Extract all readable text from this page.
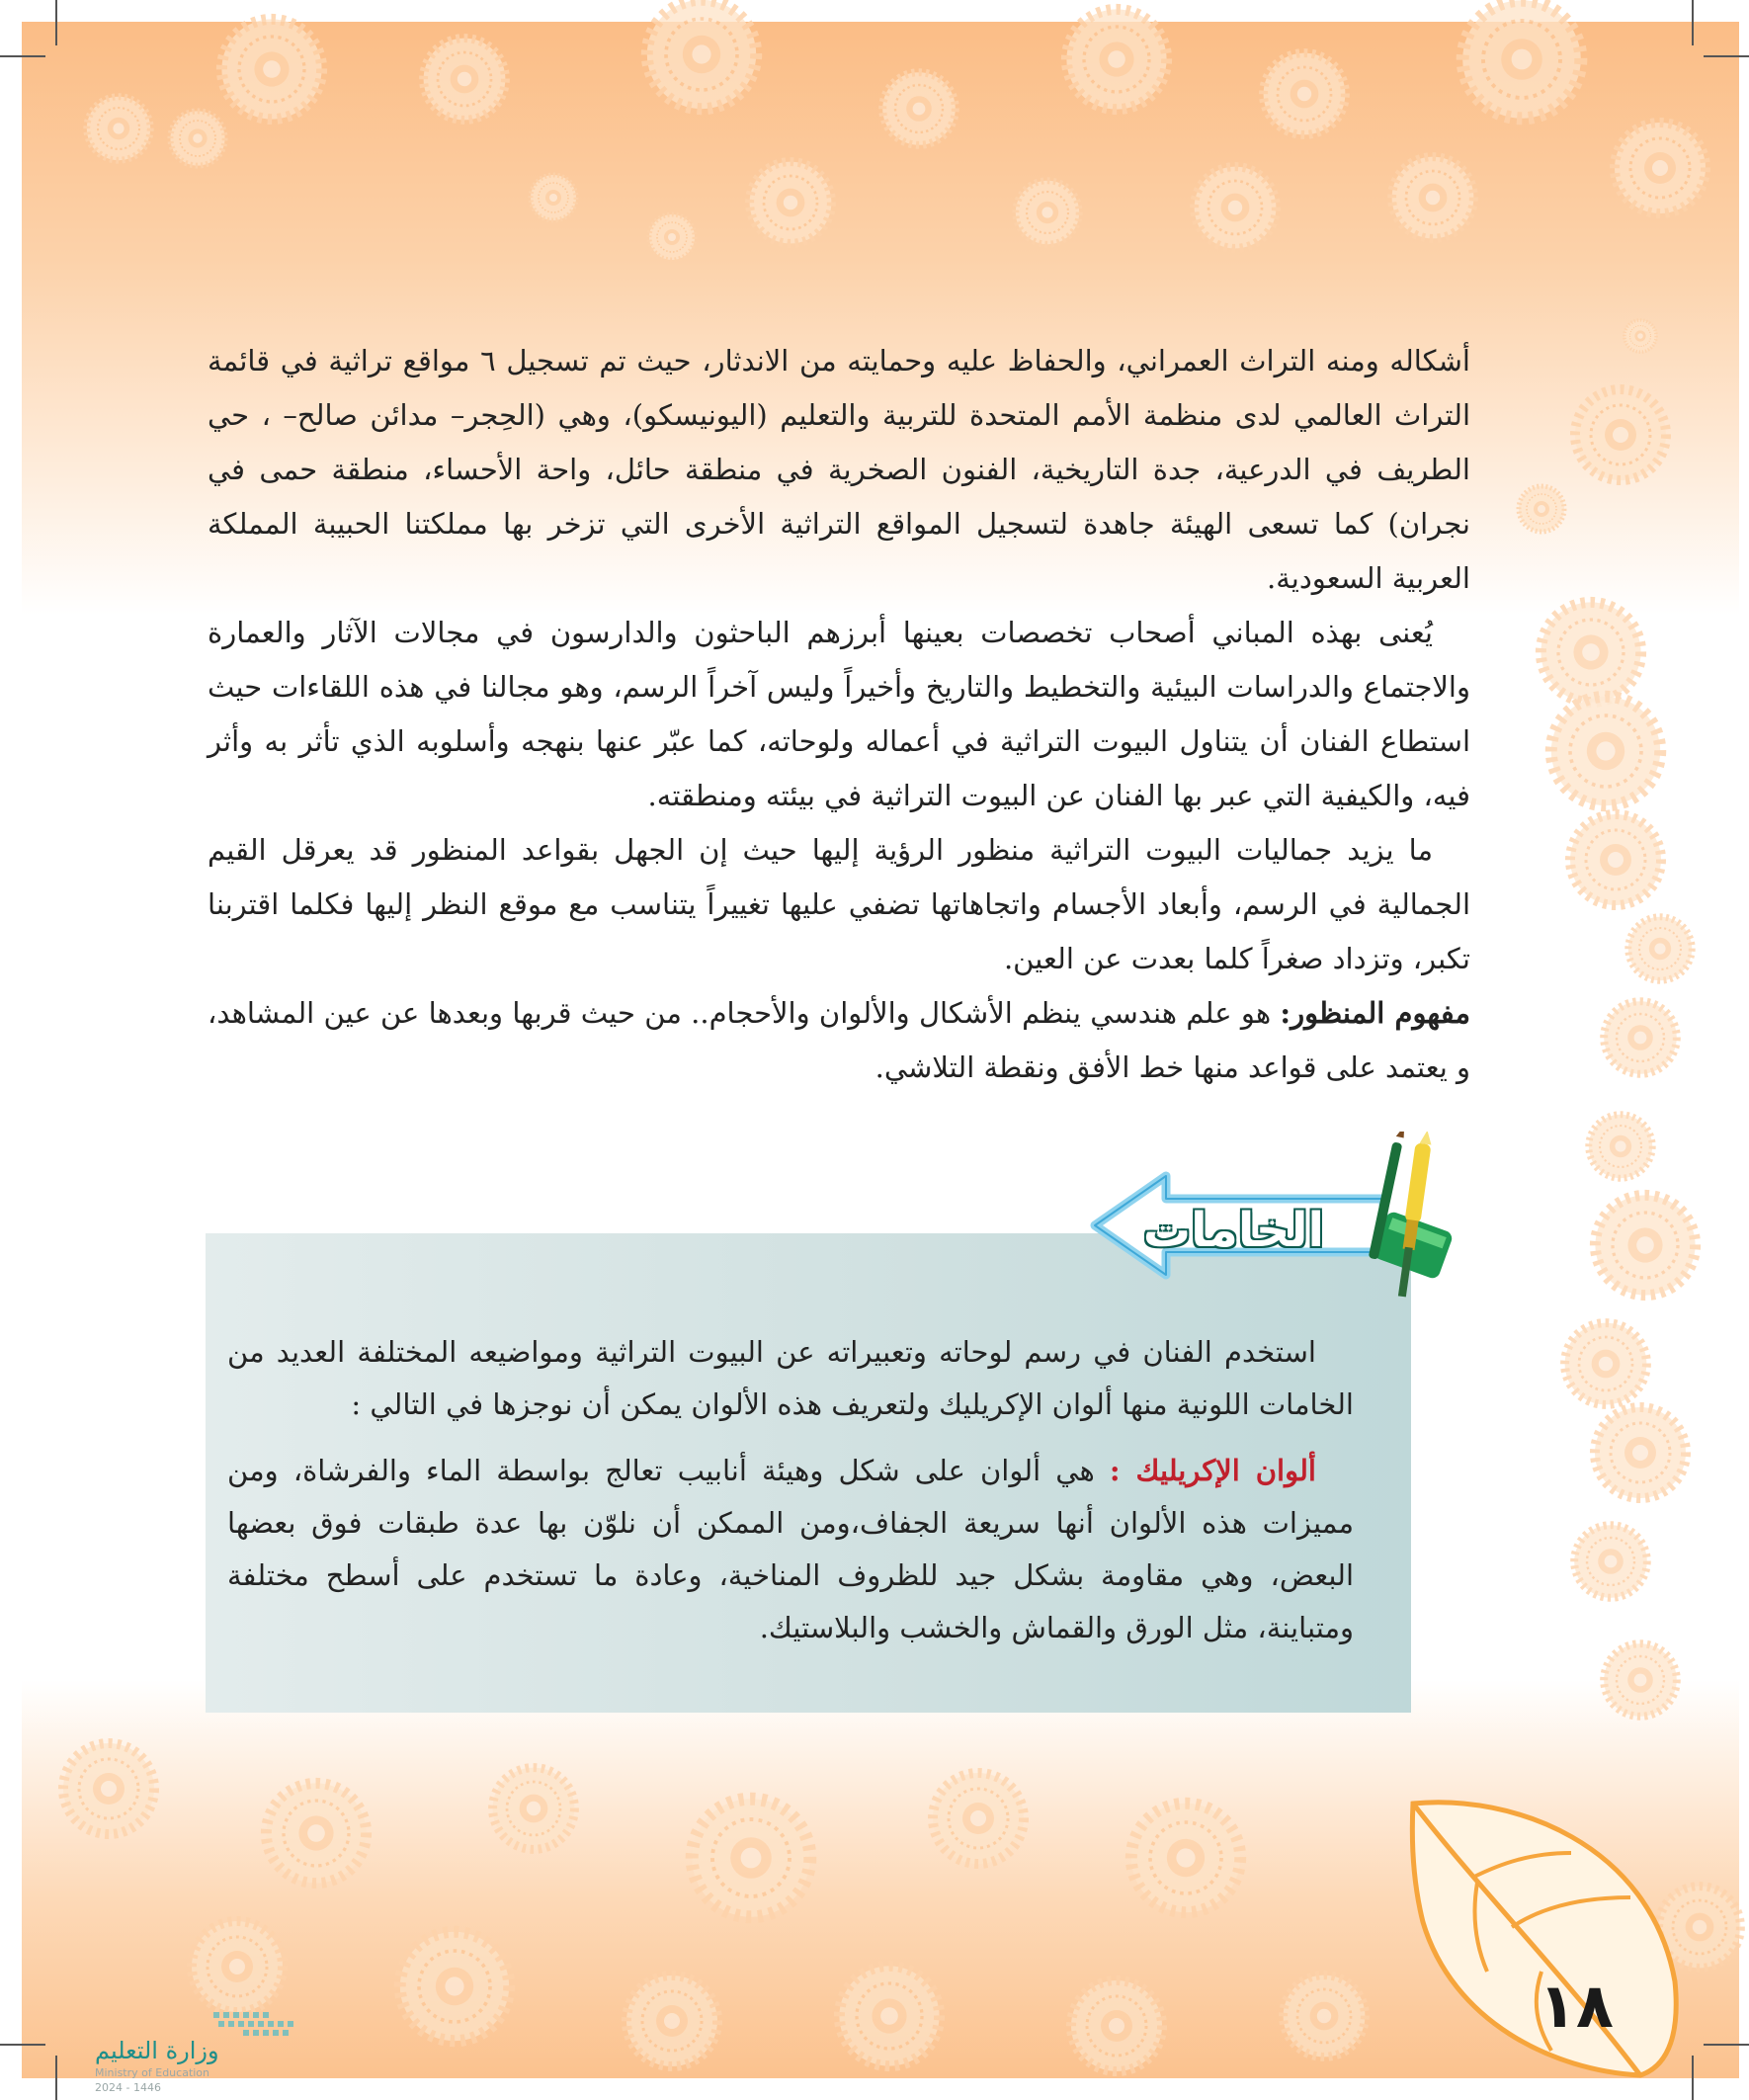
أشكاله ومنه التراث العمراني، والحفاظ عليه وحمايته من الاندثار، حيث تم تسجيل ٦ مواقع تراثية في قائمة التراث العالمي لدى منظمة الأمم المتحدة للتربية والتعليم (اليونيسكو)، وهي (الحِجر– مدائن صالح– ، حي الطريف في الدرعية، جدة التاريخية، الفنون الصخرية في منطقة حائل، واحة الأحساء، منطقة حمى في نجران) كما تسعى الهيئة جاهدة لتسجيل المواقع التراثية الأخرى التي تزخر بها مملكتنا الحبيبة المملكة العربية السعودية.

يُعنى بهذه المباني أصحاب تخصصات بعينها أبرزهم الباحثون والدارسون في مجالات الآثار والعمارة والاجتماع والدراسات البيئية والتخطيط والتاريخ وأخيراً وليس آخراً الرسم، وهو مجالنا في هذه اللقاءات حيث استطاع الفنان أن يتناول البيوت التراثية في أعماله ولوحاته، كما عبّر عنها بنهجه وأسلوبه الذي تأثر به وأثر فيه، والكيفية التي عبر بها الفنان عن البيوت التراثية في بيئته ومنطقته.

ما يزيد جماليات البيوت التراثية منظور الرؤية إليها حيث إن الجهل بقواعد المنظور قد يعرقل القيم الجمالية في الرسم، وأبعاد الأجسام واتجاهاتها تضفي عليها تغييراً يتناسب مع موقع النظر إليها فكلما اقتربنا تكبر، وتزداد صغراً كلما بعدت عن العين.

مفهوم المنظور: هو علم هندسي ينظم الأشكال والألوان والأحجام.. من حيث قربها وبعدها عن عين المشاهد، و يعتمد على قواعد منها خط الأفق ونقطة التلاشي.

الخامات

استخدم الفنان في رسم لوحاته وتعبيراته عن البيوت التراثية ومواضيعه المختلفة العديد من الخامات اللونية منها ألوان الإكريليك ولتعريف هذه الألوان يمكن أن نوجزها في التالي :

ألوان الإكريليك : هي ألوان على شكل وهيئة أنابيب تعالج بواسطة الماء والفرشاة، ومن مميزات هذه الألوان أنها سريعة الجفاف،ومن الممكن أن نلوّن بها عدة طبقات فوق بعضها البعض، وهي مقاومة بشكل جيد للظروف المناخية، وعادة ما تستخدم على أسطح مختلفة ومتباينة، مثل الورق والقماش والخشب والبلاستيك.

١٨
وزارة التعليم
Ministry of Education
2024 - 1446
